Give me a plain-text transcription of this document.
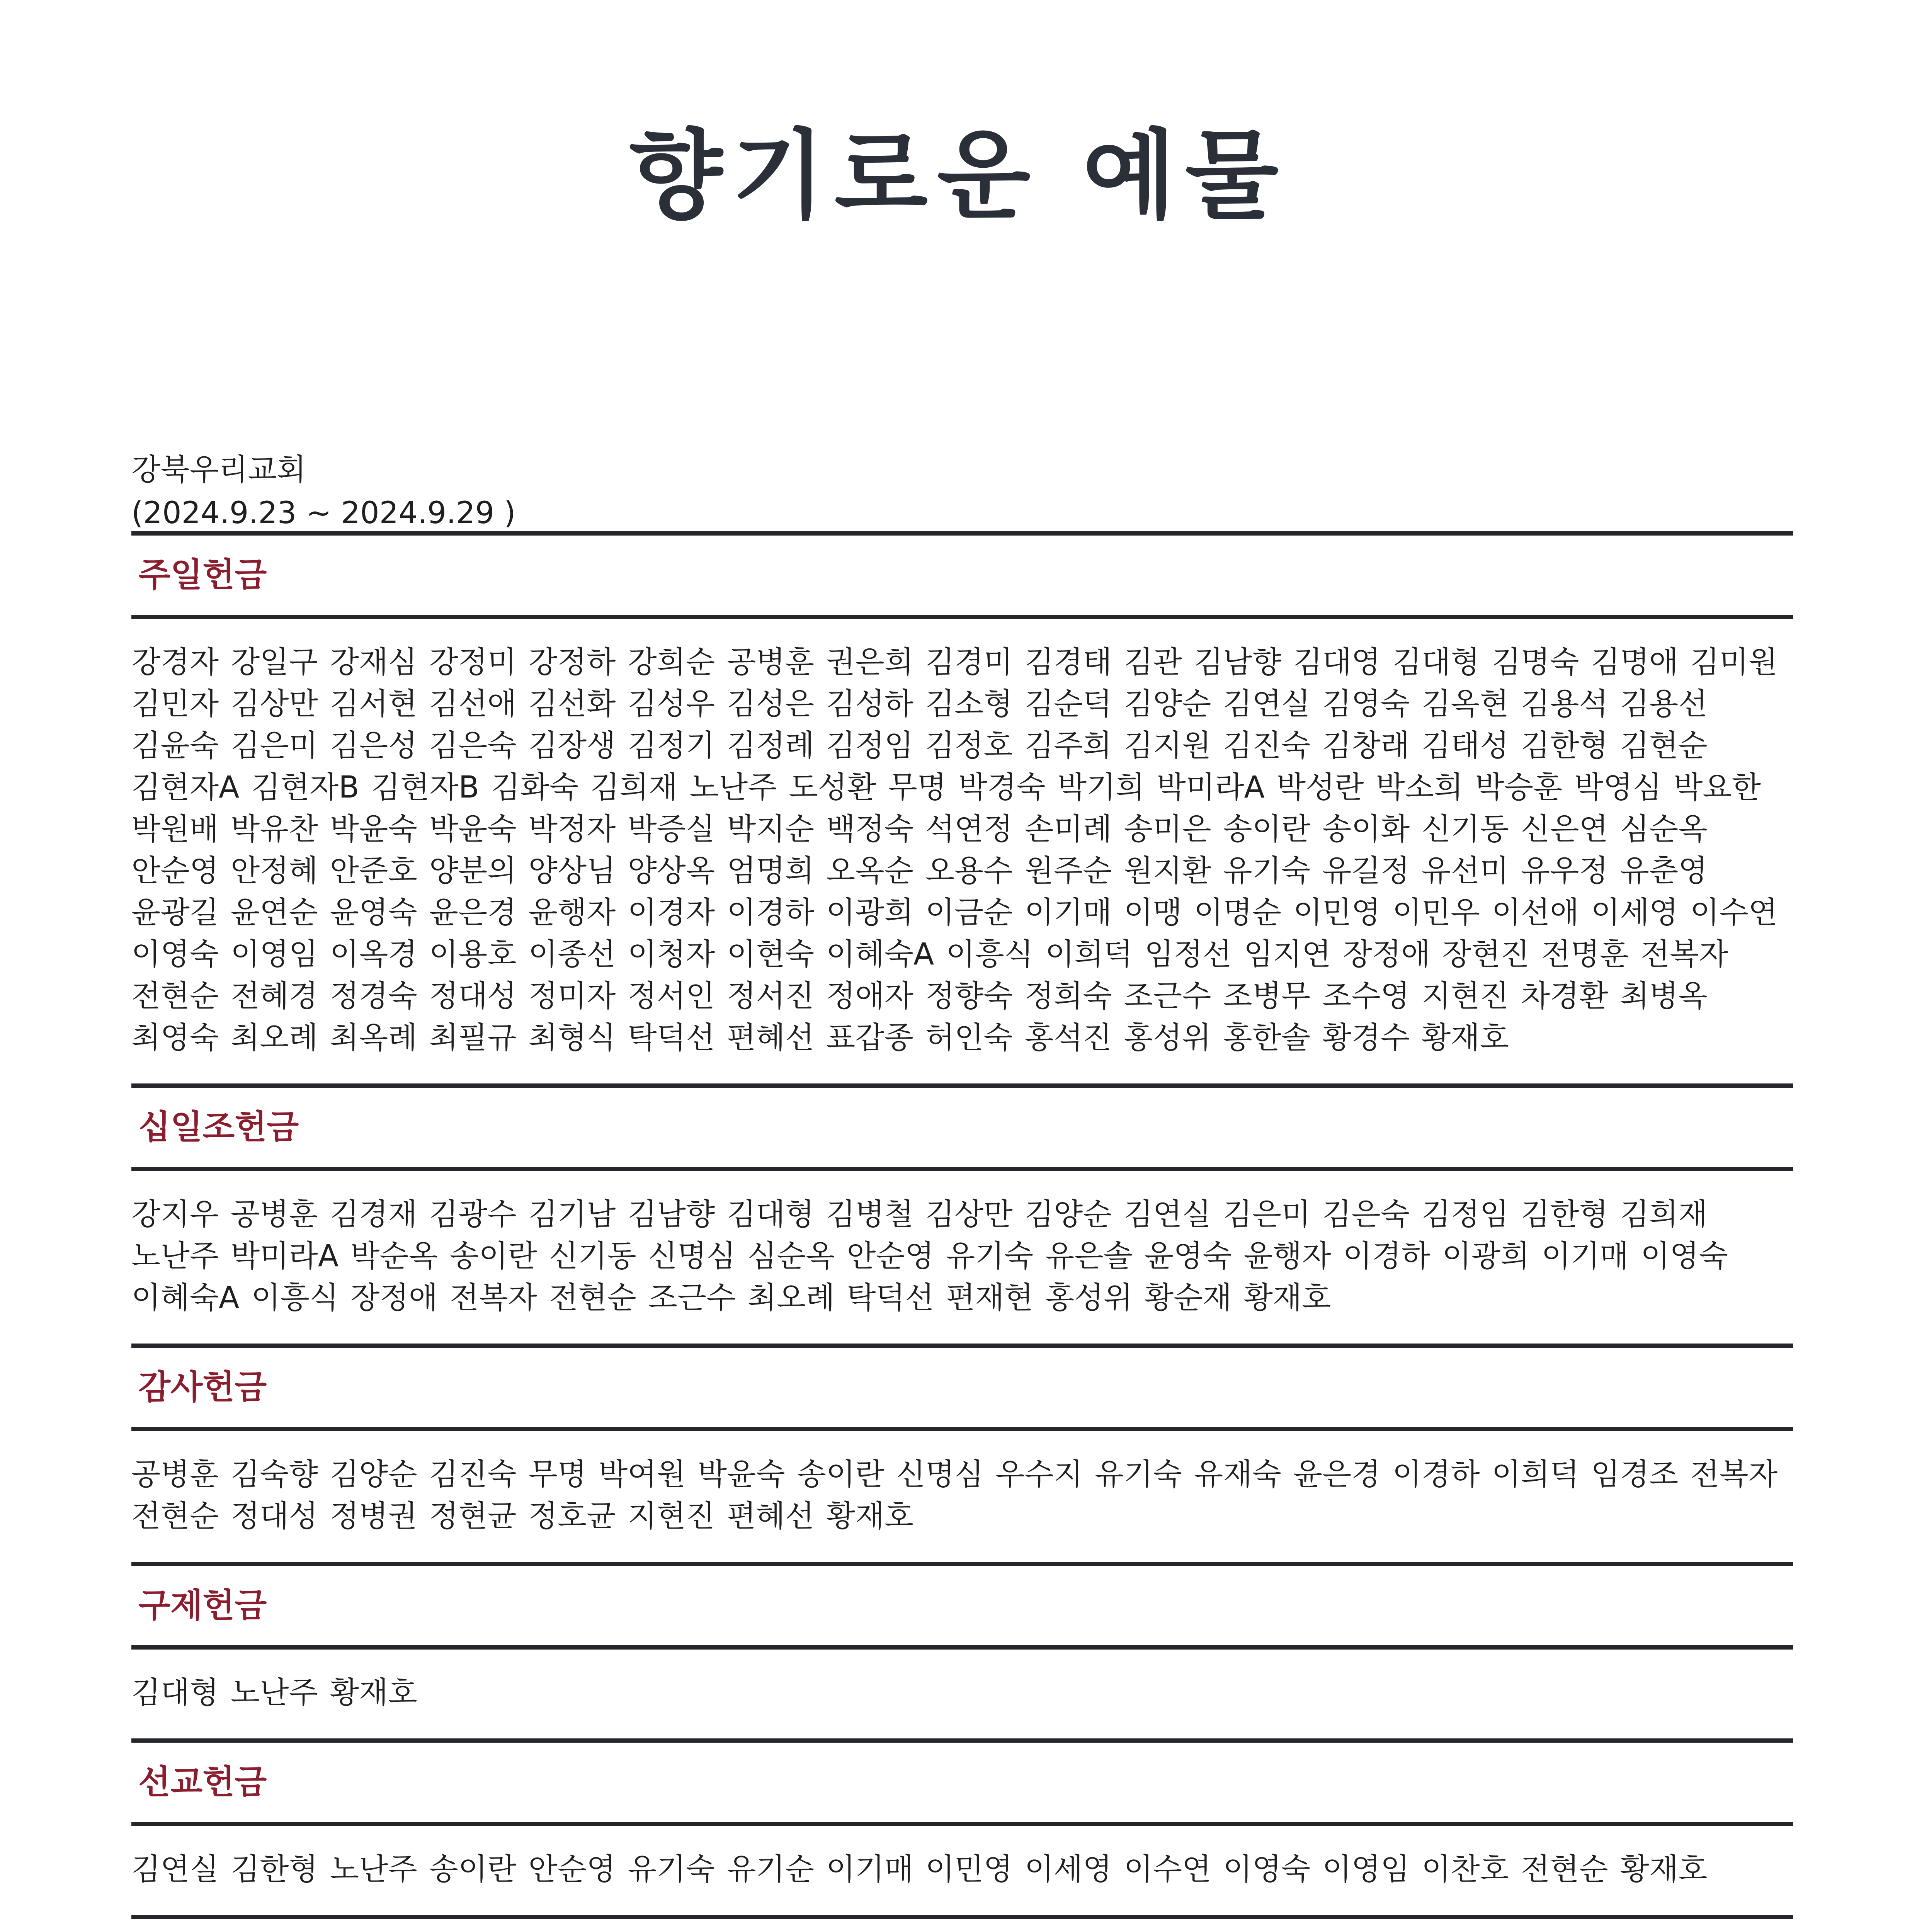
향기로운 예물
강북우리교회
(2024.9.23 ~ 2024.9.29 )
주일헌금
강경자 강일구 강재심 강정미 강정하 강희순 공병훈 권은희 김경미 김경태 김관 김남향 김대영 김대형 김명숙 김명애 김미원 김민자 김상만 김서현 김선애 김선화 김성우 김성은 김성하 김소형 김순덕 김양순 김연실 김영숙 김옥현 김용석 김용선 김윤숙 김은미 김은성 김은숙 김장생 김정기 김정례 김정임 김정호 김주희 김지원 김진숙 김창래 김태성 김한형 김현순 김현자A 김현자B 김현자B 김화숙 김희재 노난주 도성환 무명 박경숙 박기희 박미라A 박성란 박소희 박승훈 박영심 박요한 박원배 박유찬 박윤숙 박윤숙 박정자 박증실 박지순 백정숙 석연정 손미례 송미은 송이란 송이화 신기동 신은연 심순옥 안순영 안정혜 안준호 양분의 양상님 양상옥 엄명희 오옥순 오용수 원주순 원지환 유기숙 유길정 유선미 유우정 유춘영 윤광길 윤연순 윤영숙 윤은경 윤행자 이경자 이경하 이광희 이금순 이기매 이맹 이명순 이민영 이민우 이선애 이세영 이수연 이영숙 이영임 이옥경 이용호 이종선 이청자 이현숙 이혜숙A 이흥식 이희덕 임정선 임지연 장정애 장현진 전명훈 전복자 전현순 전혜경 정경숙 정대성 정미자 정서인 정서진 정애자 정향숙 정희숙 조근수 조병무 조수영 지현진 차경환 최병옥 최영숙 최오례 최옥례 최필규 최형식 탁덕선 편혜선 표갑종 허인숙 홍석진 홍성위 홍한솔 황경수 황재호
십일조헌금
강지우 공병훈 김경재 김광수 김기남 김남향 김대형 김병철 김상만 김양순 김연실 김은미 김은숙 김정임 김한형 김희재 노난주 박미라A 박순옥 송이란 신기동 신명심 심순옥 안순영 유기숙 유은솔 윤영숙 윤행자 이경하 이광희 이기매 이영숙 이혜숙A 이흥식 장정애 전복자 전현순 조근수 최오례 탁덕선 편재현 홍성위 황순재 황재호
감사헌금
공병훈 김숙향 김양순 김진숙 무명 박여원 박윤숙 송이란 신명심 우수지 유기숙 유재숙 윤은경 이경하 이희덕 임경조 전복자 전현순 정대성 정병권 정현균 정호균 지현진 편혜선 황재호
구제헌금
김대형 노난주 황재호
선교헌금
김연실 김한형 노난주 송이란 안순영 유기숙 유기순 이기매 이민영 이세영 이수연 이영숙 이영임 이찬호 전현순 황재호
